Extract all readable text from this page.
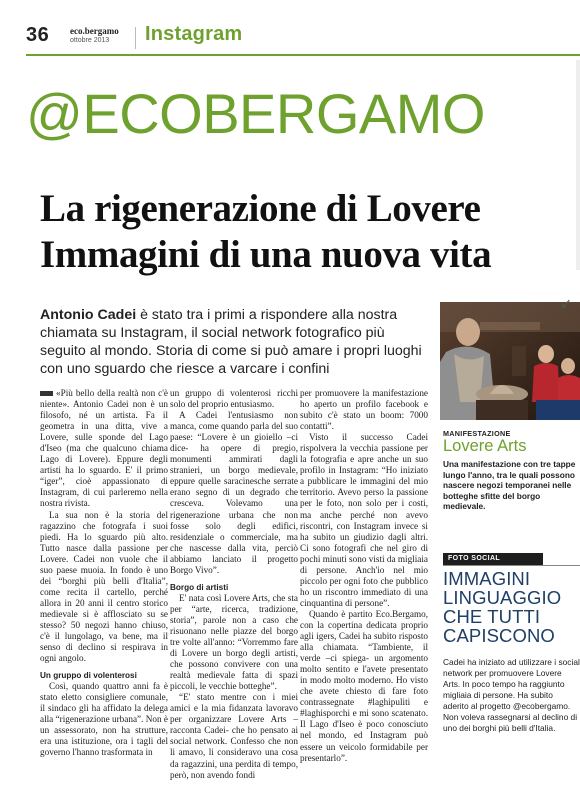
36 eco.bergamo
ottobre 2013	Instagram
@ECOBERGAMO
La rigenerazione di Lovere
Immagini di una nuova vita
Antonio Cadei è stato tra i primi a rispondere alla nostra chiamata su Instagram, il social network fotografico più seguito al mondo. Storia di come si può amare i propri luoghi con uno sguardo che riesce a varcare i confini

«Più bello della realtà non c'è niente». Antonio Cadei non è un filosofo, né un artista. Fa il geometra in una ditta, vive a Lovere, sulle sponde del Lago d'Iseo (ma che qualcuno chiama Lago di Lovere). Eppure degli artisti ha lo sguardo. E' il primo “iger”, cioè appassionato di Instagram, di cui parleremo nella nostra rivista.

La sua non è la storia del ragazzino che fotografa i suoi piedi. Ha lo sguardo più alto. Tutto nasce dalla passione per Lovere. Cadei non vuole che il suo paese muoia. In fondo è uno dei “borghi più belli d'Italia”, come recita il cartello, perché allora in 20 anni il centro storico medievale si è afflosciato su se stesso? 50 negozi hanno chiuso, c'è il lungolago, va bene, ma il senso di declino si respirava in ogni angolo.

Un gruppo di volenterosi

Così, quando quattro anni fa è stato eletto consigliere comunale, il sindaco gli ha affidato la delega alla “rigenerazione urbana”. Non è un assessorato, non ha strutture, era una istituzione, ora i tagli del governo l'hanno trasformata in

un gruppo di volenterosi ricchi solo del proprio entusiasmo.

A Cadei l'entusiasmo non manca, come quando parla del suo paese: “Lovere è un gioiello –ci dice- ha opere di pregio, monumenti ammirati dagli stranieri, un borgo medievale, eppure quelle saracinesche serrate erano segno di un degrado che cresceva. Volevamo una rigenerazione urbana che non fosse solo degli edifici, residenziale o commerciale, ma che nascesse dalla vita, perciò abbiamo lanciato il progetto Borgo Vivo”.

Borgo di artisti

E' nata così Lovere Arts, che sta per “arte, ricerca, tradizione, storia”, parole non a caso che risuonano nelle piazze del borgo tre volte all'anno: “Vorremmo fare di Lovere un borgo degli artisti, che possono convivere con una realtà medievale fatta di spazi piccoli, le vecchie botteghe”.

“E' stato mentre con i miei amici e la mia fidanzata lavoravo per organizzare Lovere Arts –racconta Cadei- che ho pensato ai social network. Confesso che non li amavo, li consideravo una cosa da ragazzini, una perdita di tempo, però, non avendo fondi

per promuovere la manifestazione ho aperto un profilo facebook e subito c'è stato un boom: 7000 contatti”.

Visto il successo Cadei rispolvera la vecchia passione per la fotografia e apre anche un suo profilo in Instagram: “Ho iniziato a pubblicare le immagini del mio territorio. Avevo perso la passione per le foto, non solo per i costi, ma anche perché non avevo riscontri, con Instagram invece si ha subito un giudizio dagli altri. Ci sono fotografi che nel giro di pochi minuti sono visti da migliaia di persone. Anch'io nel mio piccolo per ogni foto che pubblico ho un riscontro immediato di una cinquantina di persone”.

Quando è partito Eco.Bergamo, con la copertina dedicata proprio agli igers, Cadei ha subito risposto alla chiamata. “Tambiente, il verde –ci spiega- un argomento molto sentito e l'avete presentato in modo molto moderno. Ho visto che avete chiesto di fare foto contrassegnate #laghipuliti e #laghisporchi e mi sono scatenato. Il Lago d'Iseo è poco conosciuto nel mondo, ed Instagram può essere un veicolo formidabile per presentarlo”.

↙
MANIFESTAZIONE
Lovere Arts
Una manifestazione con tre tappe lungo l'anno, tra le quali possono nascere negozi temporanei nelle botteghe sfitte del borgo medievale.
FOTO SOCIAL
IMMAGINI LINGUAGGIO CHE TUTTI CAPISCONO
Cadei ha iniziato ad utilizzare i social network per promuovere Lovere Arts. In poco tempo ha raggiunto migliaia di persone. Ha subito aderito al progetto @ecobergamo. Non voleva rassegnarsi al declino di uno dei borghi più belli d'Italia.
